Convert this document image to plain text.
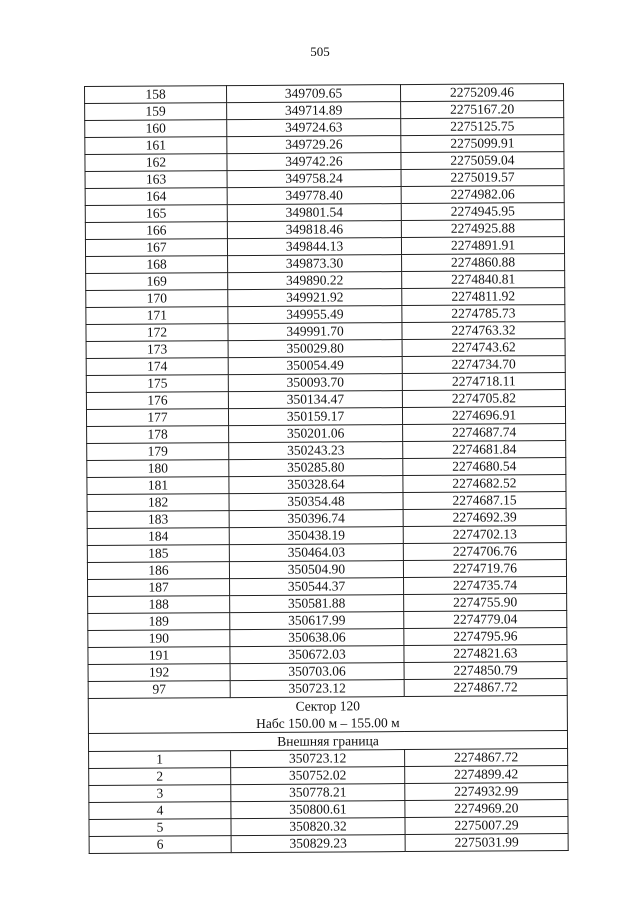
505
158	349709.65	2275209.46
159	349714.89	2275167.20
160	349724.63	2275125.75
161	349729.26	2275099.91
162	349742.26	2275059.04
163	349758.24	2275019.57
164	349778.40	2274982.06
165	349801.54	2274945.95
166	349818.46	2274925.88
167	349844.13	2274891.91
168	349873.30	2274860.88
169	349890.22	2274840.81
170	349921.92	2274811.92
171	349955.49	2274785.73
172	349991.70	2274763.32
173	350029.80	2274743.62
174	350054.49	2274734.70
175	350093.70	2274718.11
176	350134.47	2274705.82
177	350159.17	2274696.91
178	350201.06	2274687.74
179	350243.23	2274681.84
180	350285.80	2274680.54
181	350328.64	2274682.52
182	350354.48	2274687.15
183	350396.74	2274692.39
184	350438.19	2274702.13
185	350464.03	2274706.76
186	350504.90	2274719.76
187	350544.37	2274735.74
188	350581.88	2274755.90
189	350617.99	2274779.04
190	350638.06	2274795.96
191	350672.03	2274821.63
192	350703.06	2274850.79
97	350723.12	2274867.72
Сектор 120		
Набс 150.00 м – 155.00 м		
Внешняя граница		
1	350723.12	2274867.72
2	350752.02	2274899.42
3	350778.21	2274932.99
4	350800.61	2274969.20
5	350820.32	2275007.29
6	350829.23	2275031.99
